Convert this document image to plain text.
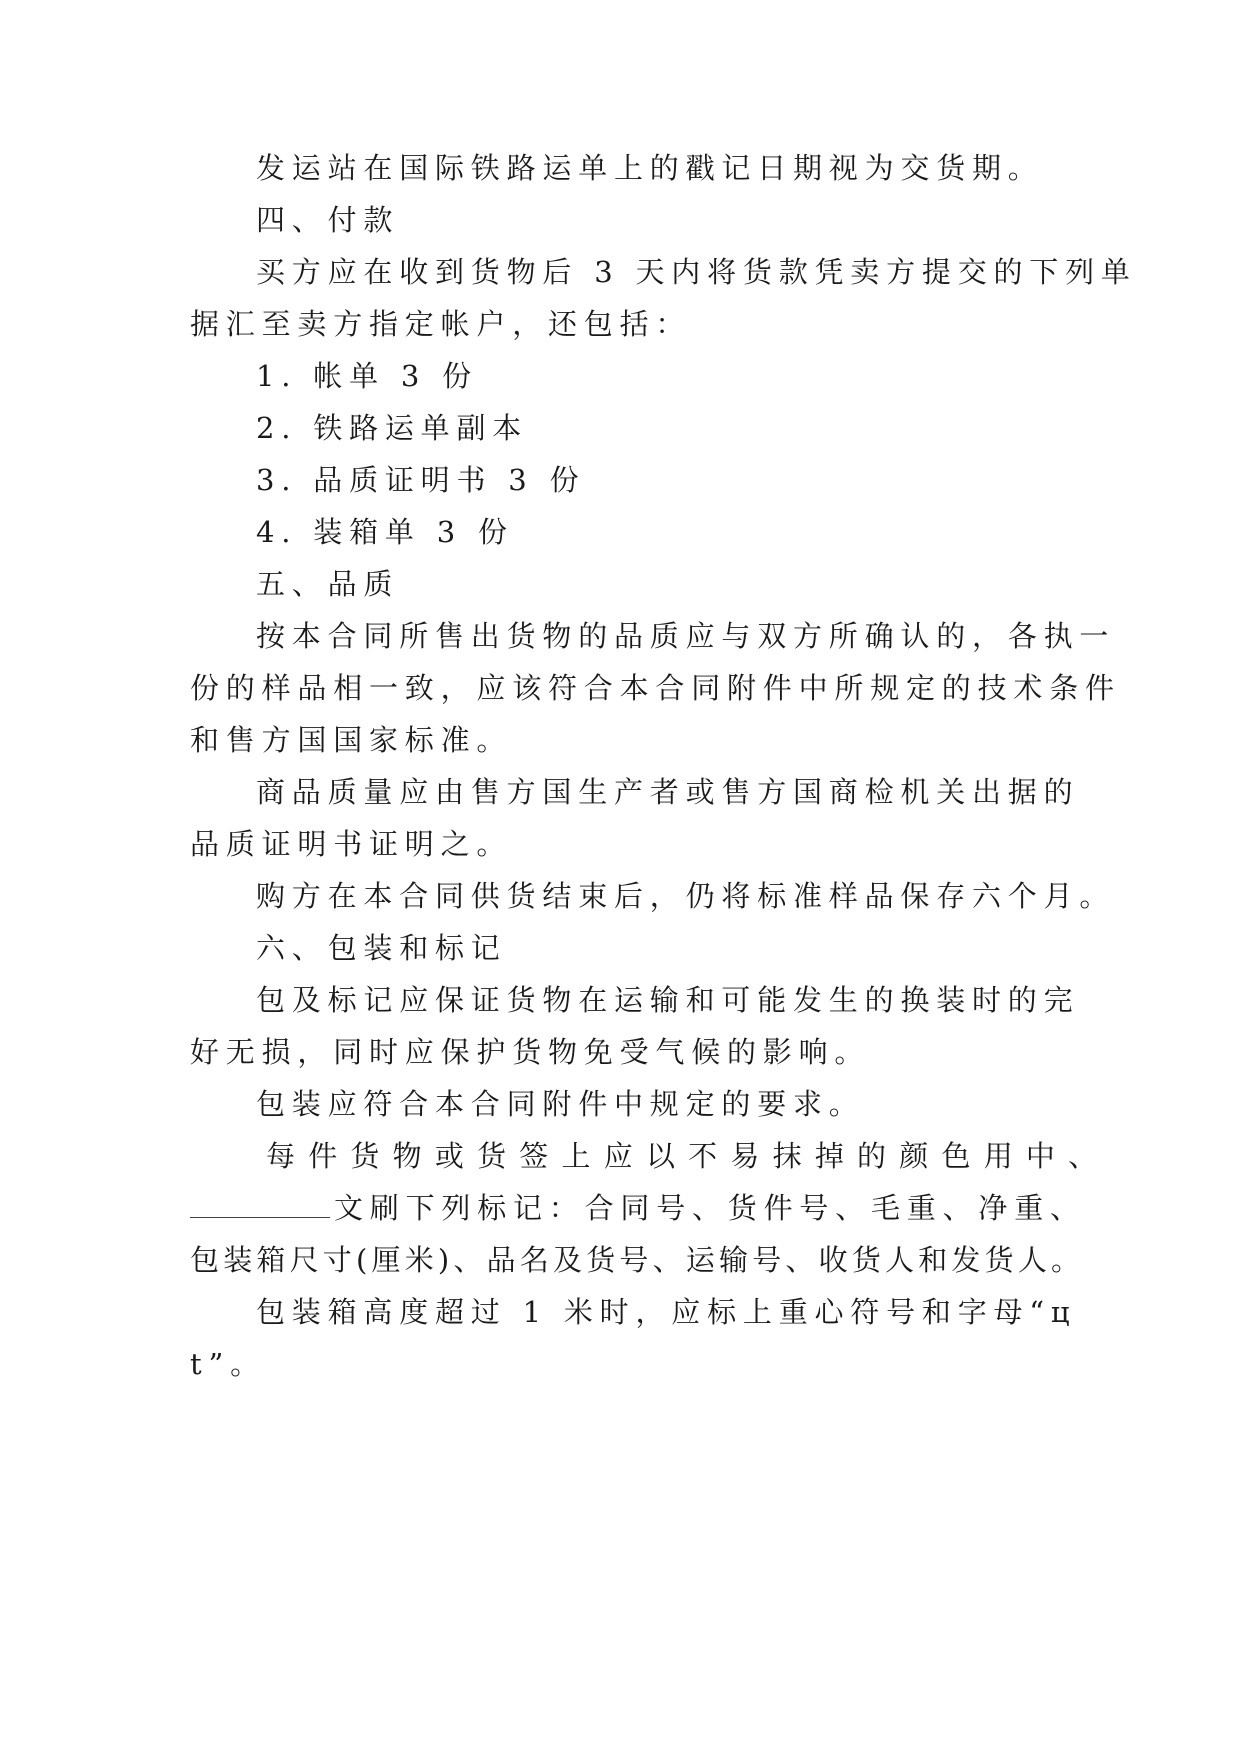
发运站在国际铁路运单上的戳记日期视为交货期。
四、付款
买方应在收到货物后 3 天内将货款凭卖方提交的下列单
据汇至卖方指定帐户，还包括：
1. 帐单 3 份
2. 铁路运单副本
3. 品质证明书 3 份
4. 装箱单 3 份
五、品质
按本合同所售出货物的品质应与双方所确认的，各执一
份的样品相一致，应该符合本合同附件中所规定的技术条件
和售方国国家标准。
商品质量应由售方国生产者或售方国商检机关出据的
品质证明书证明之。
购方在本合同供货结束后，仍将标准样品保存六个月。
六、包装和标记
包及标记应保证货物在运输和可能发生的换装时的完
好无损，同时应保护货物免受气候的影响。
包装应符合本合同附件中规定的要求。
每 件 货 物 或 货 签 上 应 以 不 易 抹 掉 的 颜 色 用 中 、
文刷下列标记：合同号、货件号、毛重、净重、
包装箱尺寸(厘米)、品名及货号、运输号、收货人和发货人。
包装箱高度超过 1 米时，应标上重心符号和字母“ц
t”。
